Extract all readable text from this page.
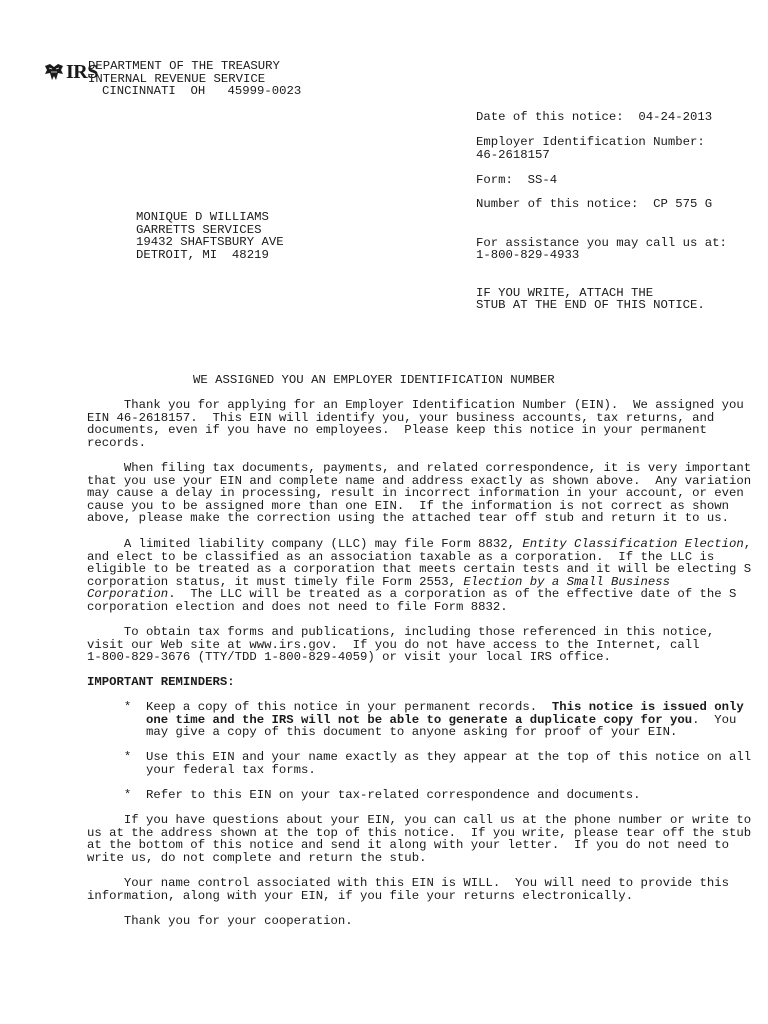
IRS
DEPARTMENT OF THE TREASURY
INTERNAL REVENUE SERVICE
CINCINNATI  OH   45999-0023
Date of this notice:  04-24-2013
Employer Identification Number:
46-2618157
Form:  SS-4
Number of this notice:  CP 575 G
For assistance you may call us at:
1-800-829-4933
IF YOU WRITE, ATTACH THE
STUB AT THE END OF THIS NOTICE.
MONIQUE D WILLIAMS
GARRETTS SERVICES
19432 SHAFTSBURY AVE
DETROIT, MI  48219
WE ASSIGNED YOU AN EMPLOYER IDENTIFICATION NUMBER
Thank you for applying for an Employer Identification Number (EIN).  We assigned you
EIN 46-2618157.  This EIN will identify you, your business accounts, tax returns, and
documents, even if you have no employees.  Please keep this notice in your permanent
records.
When filing tax documents, payments, and related correspondence, it is very important
that you use your EIN and complete name and address exactly as shown above.  Any variation
may cause a delay in processing, result in incorrect information in your account, or even
cause you to be assigned more than one EIN.  If the information is not correct as shown
above, please make the correction using the attached tear off stub and return it to us.
A limited liability company (LLC) may file Form 8832, Entity Classification Election,
and elect to be classified as an association taxable as a corporation.  If the LLC is
eligible to be treated as a corporation that meets certain tests and it will be electing S
corporation status, it must timely file Form 2553, Election by a Small Business
Corporation.  The LLC will be treated as a corporation as of the effective date of the S
corporation election and does not need to file Form 8832.
To obtain tax forms and publications, including those referenced in this notice,
visit our Web site at www.irs.gov.  If you do not have access to the Internet, call
1-800-829-3676 (TTY/TDD 1-800-829-4059) or visit your local IRS office.
IMPORTANT REMINDERS:
*  Keep a copy of this notice in your permanent records.  This notice is issued only
one time and the IRS will not be able to generate a duplicate copy for you.  You
may give a copy of this document to anyone asking for proof of your EIN.
*  Use this EIN and your name exactly as they appear at the top of this notice on all
your federal tax forms.
*  Refer to this EIN on your tax-related correspondence and documents.
If you have questions about your EIN, you can call us at the phone number or write to
us at the address shown at the top of this notice.  If you write, please tear off the stub
at the bottom of this notice and send it along with your letter.  If you do not need to
write us, do not complete and return the stub.
Your name control associated with this EIN is WILL.  You will need to provide this
information, along with your EIN, if you file your returns electronically.
Thank you for your cooperation.
